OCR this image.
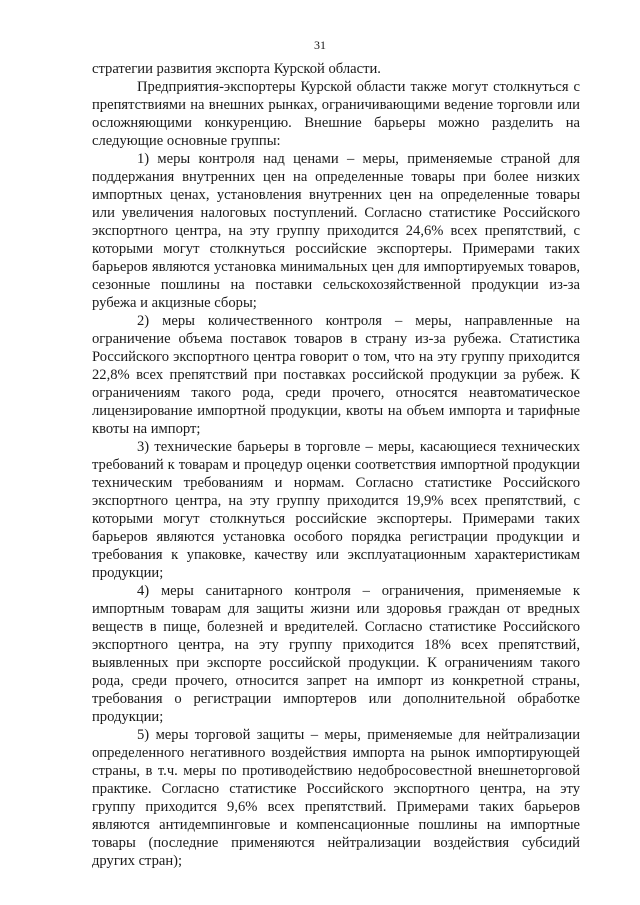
31

стратегии развития экспорта Курской области.

Предприятия-экспортеры Курской области также могут столкнуться с препятствиями на внешних рынках, ограничивающими ведение торговли или осложняющими конкуренцию. Внешние барьеры можно разделить на следующие основные группы:

1) меры контроля над ценами – меры, применяемые страной для поддержания внутренних цен на определенные товары при более низких импортных ценах, установления внутренних цен на определенные товары или увеличения налоговых поступлений. Согласно статистике Российского экспортного центра, на эту группу приходится 24,6% всех препятствий, с которыми могут столкнуться российские экспортеры. Примерами таких барьеров являются установка минимальных цен для импортируемых товаров, сезонные пошлины на поставки сельскохозяйственной продукции из-за рубежа и акцизные сборы;

2) меры количественного контроля – меры, направленные на ограничение объема поставок товаров в страну из-за рубежа. Статистика Российского экспортного центра говорит о том, что на эту группу приходится 22,8% всех препятствий при поставках российской продукции за рубеж. К ограничениям такого рода, среди прочего, относятся неавтоматическое лицензирование импортной продукции, квоты на объем импорта и тарифные квоты на импорт;

3) технические барьеры в торговле – меры, касающиеся технических требований к товарам и процедур оценки соответствия импортной продукции техническим требованиям и нормам. Согласно статистике Российского экспортного центра, на эту группу приходится 19,9% всех препятствий, с которыми могут столкнуться российские экспортеры. Примерами таких барьеров являются установка особого порядка регистрации продукции и требования к упаковке, качеству или эксплуатационным характеристикам продукции;

4) меры санитарного контроля – ограничения, применяемые к импортным товарам для защиты жизни или здоровья граждан от вредных веществ в пище, болезней и вредителей. Согласно статистике Российского экспортного центра, на эту группу приходится 18% всех препятствий, выявленных при экспорте российской продукции. К ограничениям такого рода, среди прочего, относится запрет на импорт из конкретной страны, требования о регистрации импортеров или дополнительной обработке продукции;

5) меры торговой защиты – меры, применяемые для нейтрализации определенного негативного воздействия импорта на рынок импортирующей страны, в т.ч. меры по противодействию недобросовестной внешнеторговой практике. Согласно статистике Российского экспортного центра, на эту группу приходится 9,6% всех препятствий. Примерами таких барьеров являются антидемпинговые и компенсационные пошлины на импортные товары (последние применяются нейтрализации воздействия субсидий других стран);
